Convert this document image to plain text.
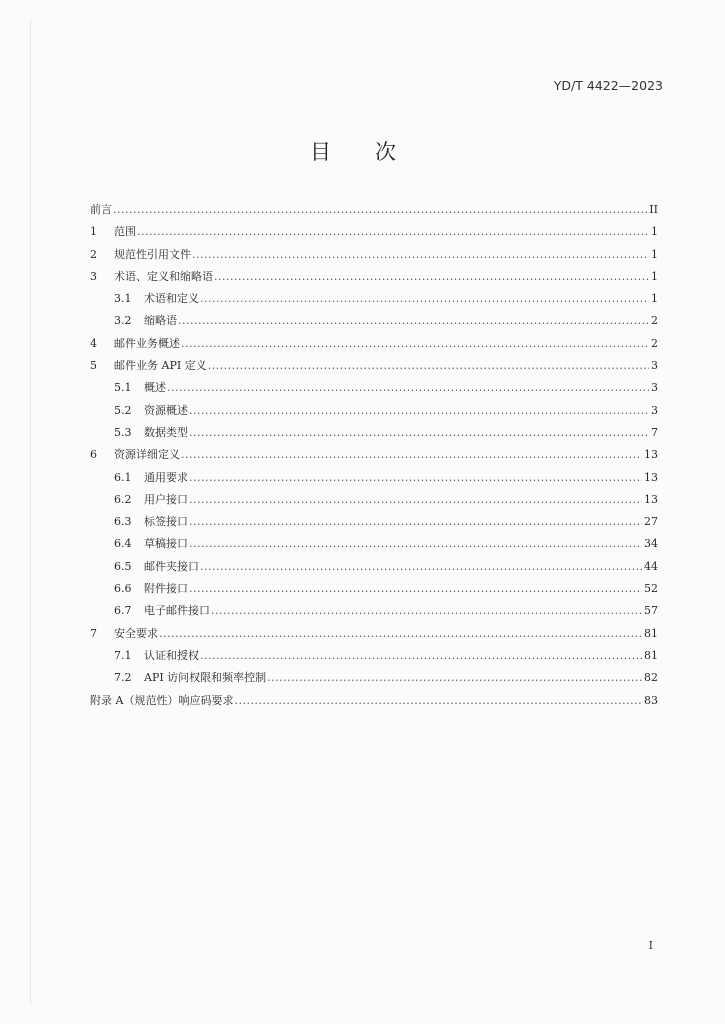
YD/T 4422—2023
目次
前言 .....	II
1	范围 .....	1
2	规范性引用文件 .....	1
3	术语、定义和缩略语 .....	1
3.1	术语和定义 .....	1
3.2	缩略语 .....	2
4	邮件业务概述 .....	2
5	邮件业务 API 定义 .....	3
5.1	概述 .....	3
5.2	资源概述 .....	3
5.3	数据类型 .....	7
6	资源详细定义 .....	13
6.1	通用要求 .....	13
6.2	用户接口 .....	13
6.3	标签接口 .....	27
6.4	草稿接口 .....	34
6.5	邮件夹接口 .....	44
6.6	附件接口 .....	52
6.7	电子邮件接口 .....	57
7	安全要求 .....	81
7.1	认证和授权 .....	81
7.2	API 访问权限和频率控制 .....	82
附录 A（规范性）响应码要求 .....	83
I
